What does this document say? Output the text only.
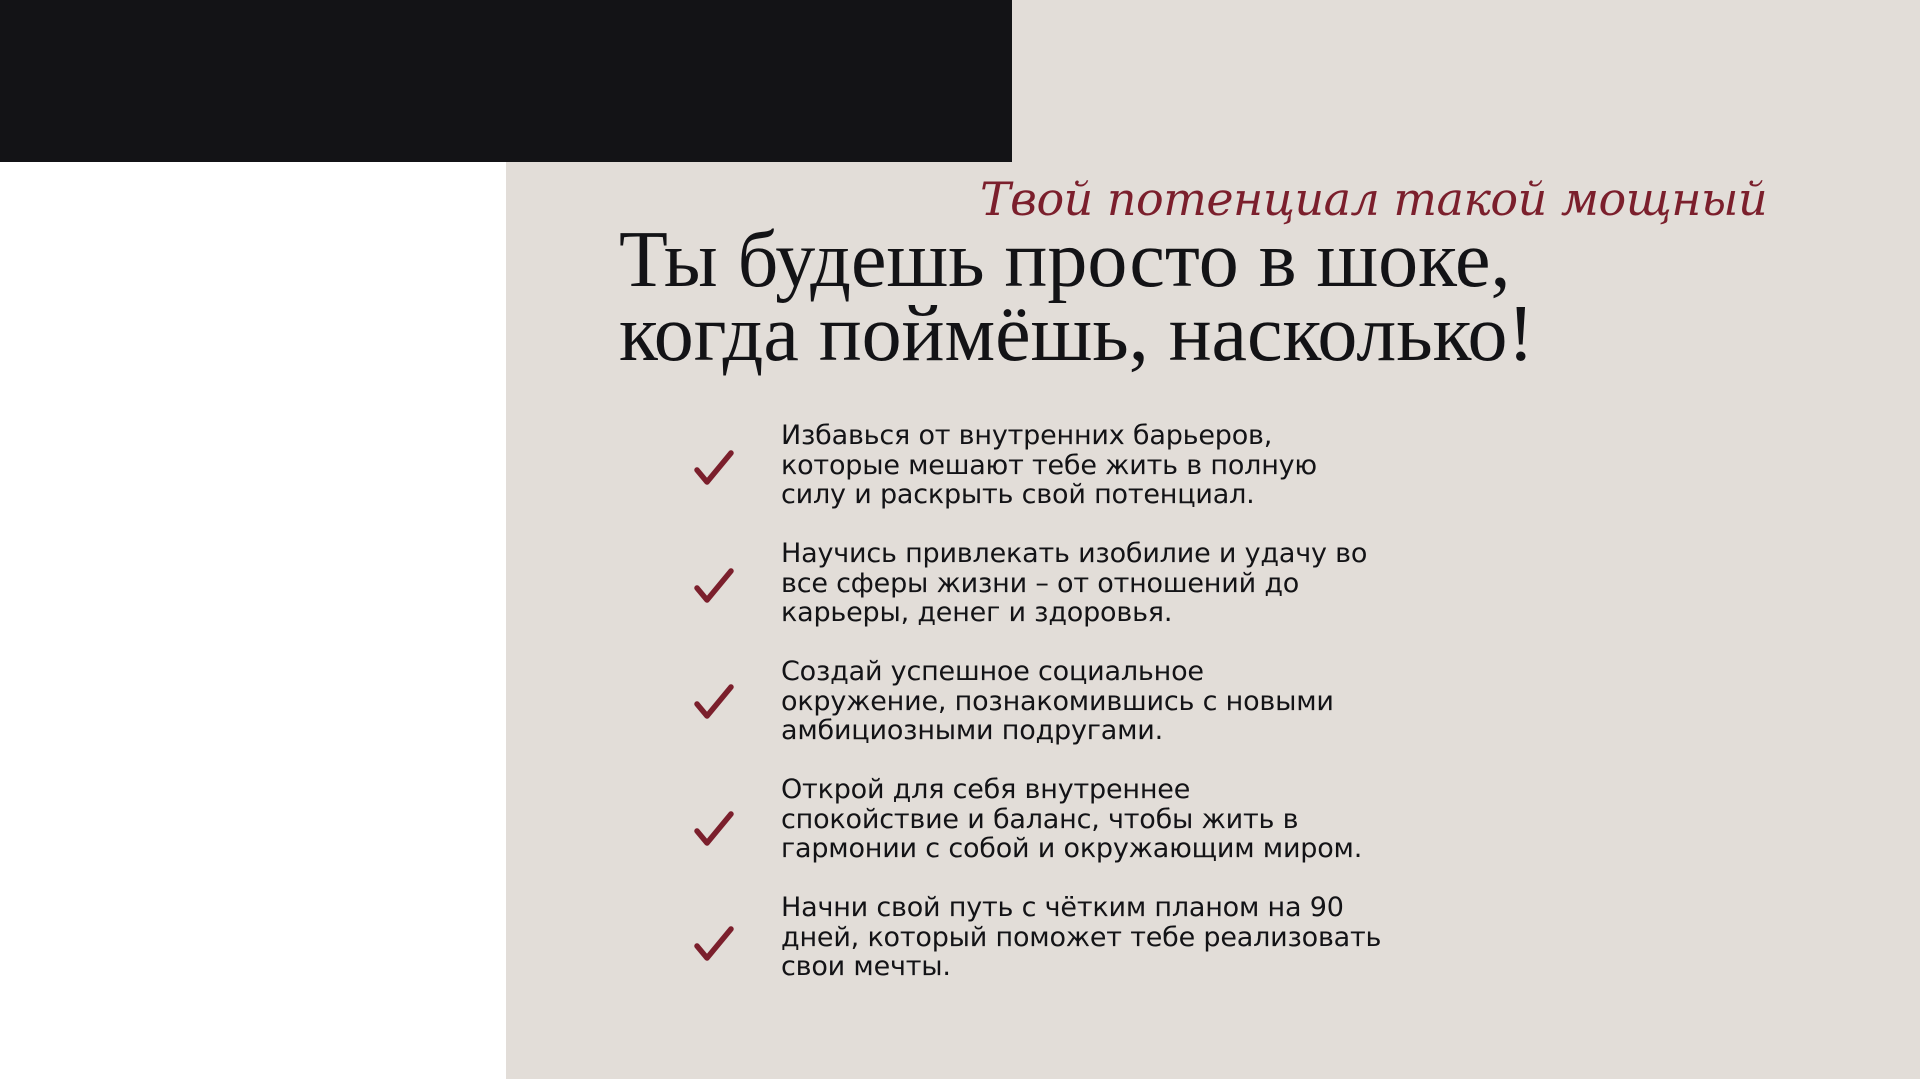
Твой потенциал такой мощный
Ты будешь просто в шоке,
когда поймёшь, насколько!
Избавься от внутренних барьеров,
которые мешают тебе жить в полную
силу и раскрыть свой потенциал.
Научись привлекать изобилие и удачу во
все сферы жизни – от отношений до
карьеры, денег и здоровья.
Создай успешное социальное
окружение, познакомившись с новыми
амбициозными подругами.
Открой для себя внутреннее
спокойствие и баланс, чтобы жить в
гармонии с собой и окружающим миром.
Начни свой путь с чётким планом на 90
дней, который поможет тебе реализовать
свои мечты.
